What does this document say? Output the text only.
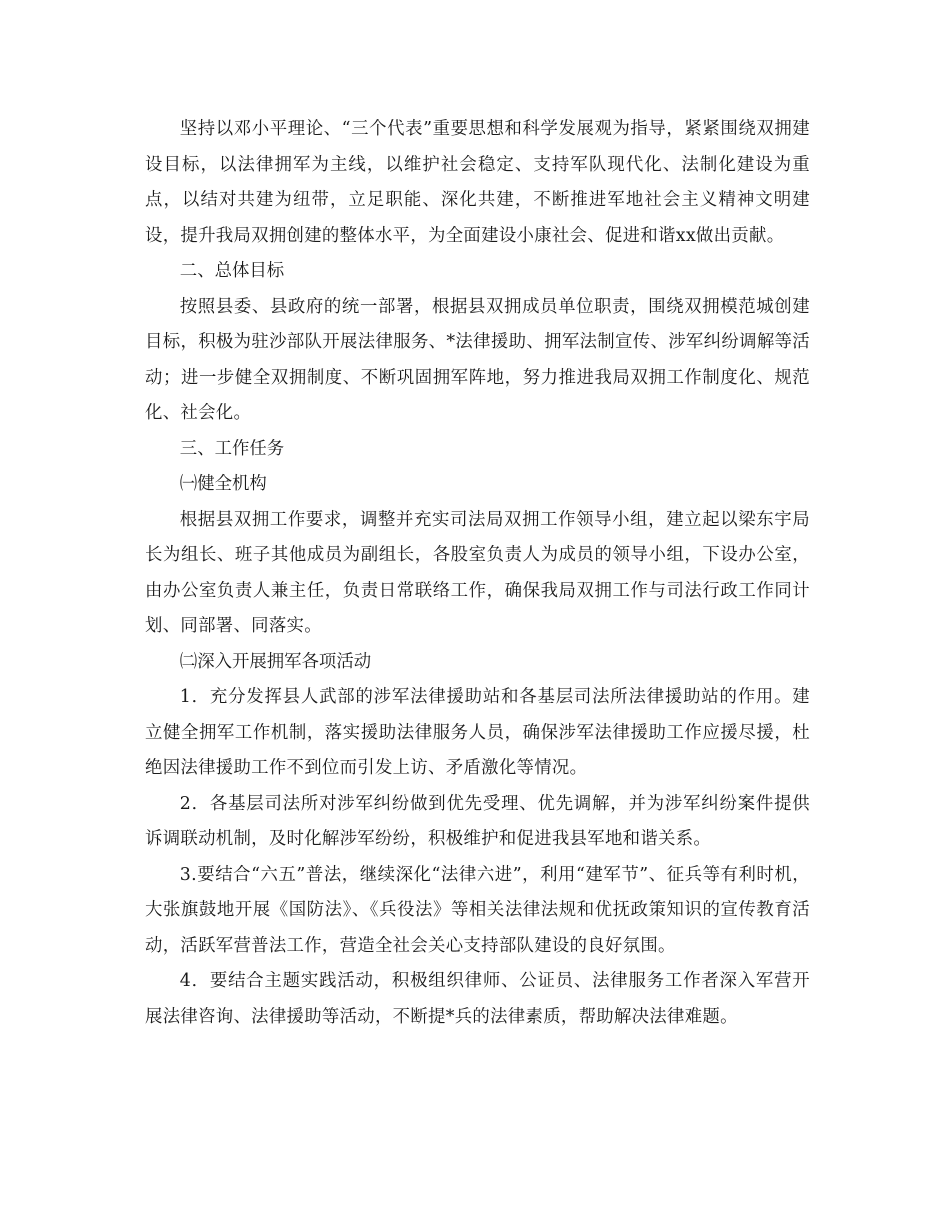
坚持以邓小平理论、“三个代表”重要思想和科学发展观为指导，紧紧围绕双拥建设目标，以法律拥军为主线，以维护社会稳定、支持军队现代化、法制化建设为重点，以结对共建为纽带，立足职能、深化共建，不断推进军地社会主义精神文明建设，提升我局双拥创建的整体水平，为全面建设小康社会、促进和谐xx做出贡献。

二、总体目标

按照县委、县政府的统一部署，根据县双拥成员单位职责，围绕双拥模范城创建目标，积极为驻沙部队开展法律服务、*法律援助、拥军法制宣传、涉军纠纷调解等活动；进一步健全双拥制度、不断巩固拥军阵地，努力推进我局双拥工作制度化、规范化、社会化。

三、工作任务

㈠健全机构

根据县双拥工作要求，调整并充实司法局双拥工作领导小组，建立起以梁东宇局长为组长、班子其他成员为副组长，各股室负责人为成员的领导小组，下设办公室，由办公室负责人兼主任，负责日常联络工作，确保我局双拥工作与司法行政工作同计划、同部署、同落实。

㈡深入开展拥军各项活动

1．充分发挥县人武部的涉军法律援助站和各基层司法所法律援助站的作用。建立健全拥军工作机制，落实援助法律服务人员，确保涉军法律援助工作应援尽援，杜绝因法律援助工作不到位而引发上访、矛盾激化等情况。

2．各基层司法所对涉军纠纷做到优先受理、优先调解，并为涉军纠纷案件提供诉调联动机制，及时化解涉军纷纷，积极维护和促进我县军地和谐关系。

3.要结合“六五”普法，继续深化“法律六进”，利用“建军节”、征兵等有利时机，大张旗鼓地开展《国防法》、《兵役法》等相关法律法规和优抚政策知识的宣传教育活动，活跃军营普法工作，营造全社会关心支持部队建设的良好氛围。

4．要结合主题实践活动，积极组织律师、公证员、法律服务工作者深入军营开展法律咨询、法律援助等活动，不断提*兵的法律素质，帮助解决法律难题。
